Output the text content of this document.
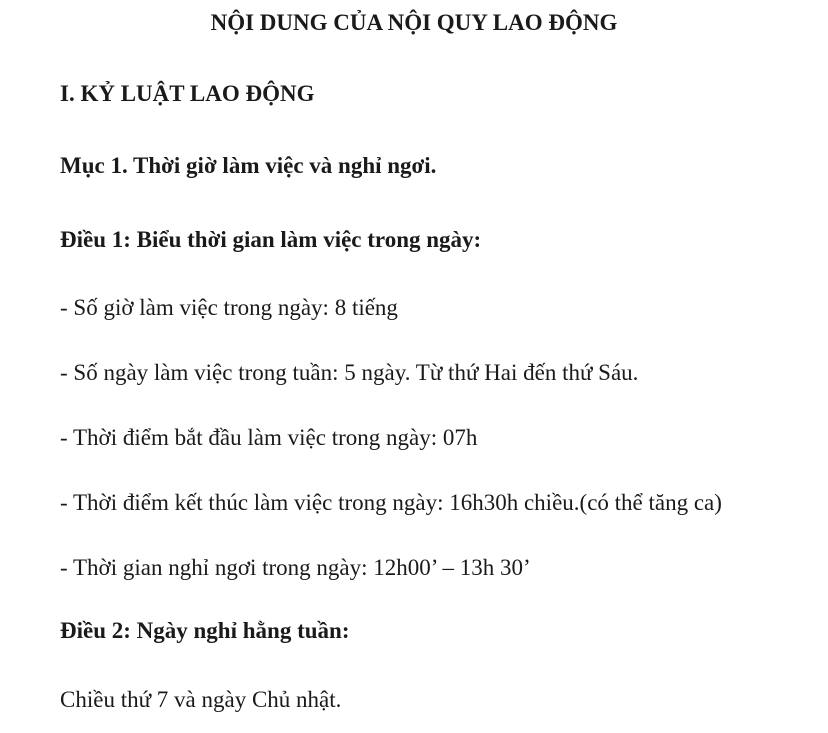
NỘI DUNG CỦA NỘI QUY LAO ĐỘNG
I. KỶ LUẬT LAO ĐỘNG
Mục 1. Thời giờ làm việc và nghỉ ngơi.
Điều 1: Biểu thời gian làm việc trong ngày:
- Số giờ làm việc trong ngày: 8 tiếng
- Số ngày làm việc trong tuần: 5 ngày. Từ thứ Hai đến thứ Sáu.
- Thời điểm bắt đầu làm việc trong ngày: 07h
- Thời điểm kết thúc làm việc trong ngày: 16h30h chiều.(có thể tăng ca)
- Thời gian nghỉ ngơi trong ngày: 12h00’ – 13h 30’
Điều 2: Ngày nghỉ hằng tuần:
Chiều thứ 7 và ngày Chủ nhật.
